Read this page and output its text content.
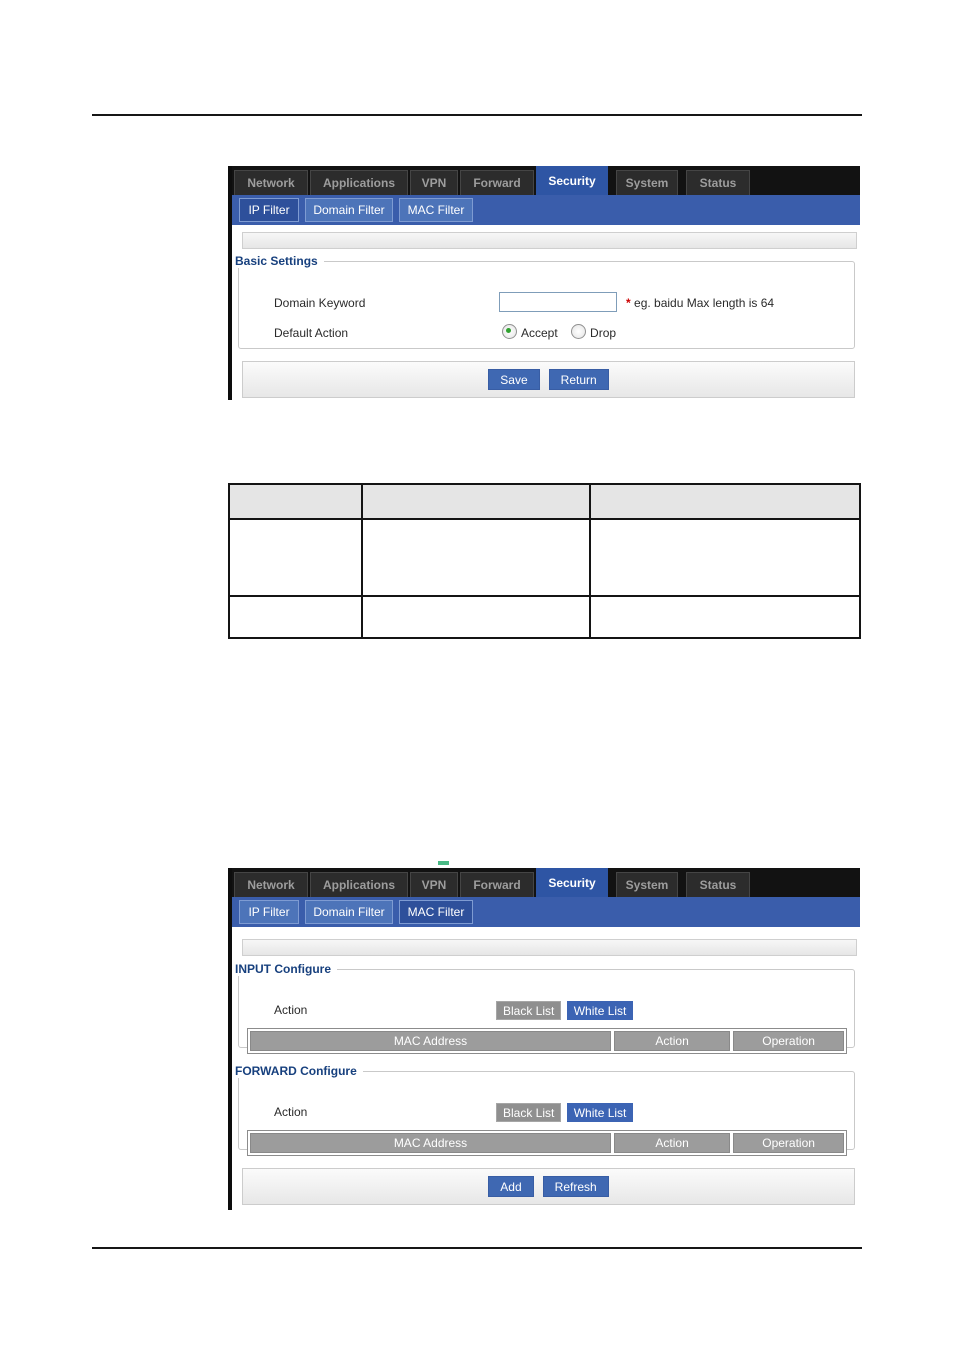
Network	Applications	VPN	Forward	Security	System	Status
IP Filter	Domain Filter	MAC Filter
Basic Settings
Domain Keyword	* eg. baidu Max length is 64
Default Action	Accept	Drop
Save	Return
Network	Applications	VPN	Forward	Security	System	Status
IP Filter	Domain Filter	MAC Filter
INPUT Configure
Action	Black List White List
MAC Address	Action	Operation
FORWARD Configure
Action	Black List White List
MAC Address	Action	Operation
Add	Refresh
